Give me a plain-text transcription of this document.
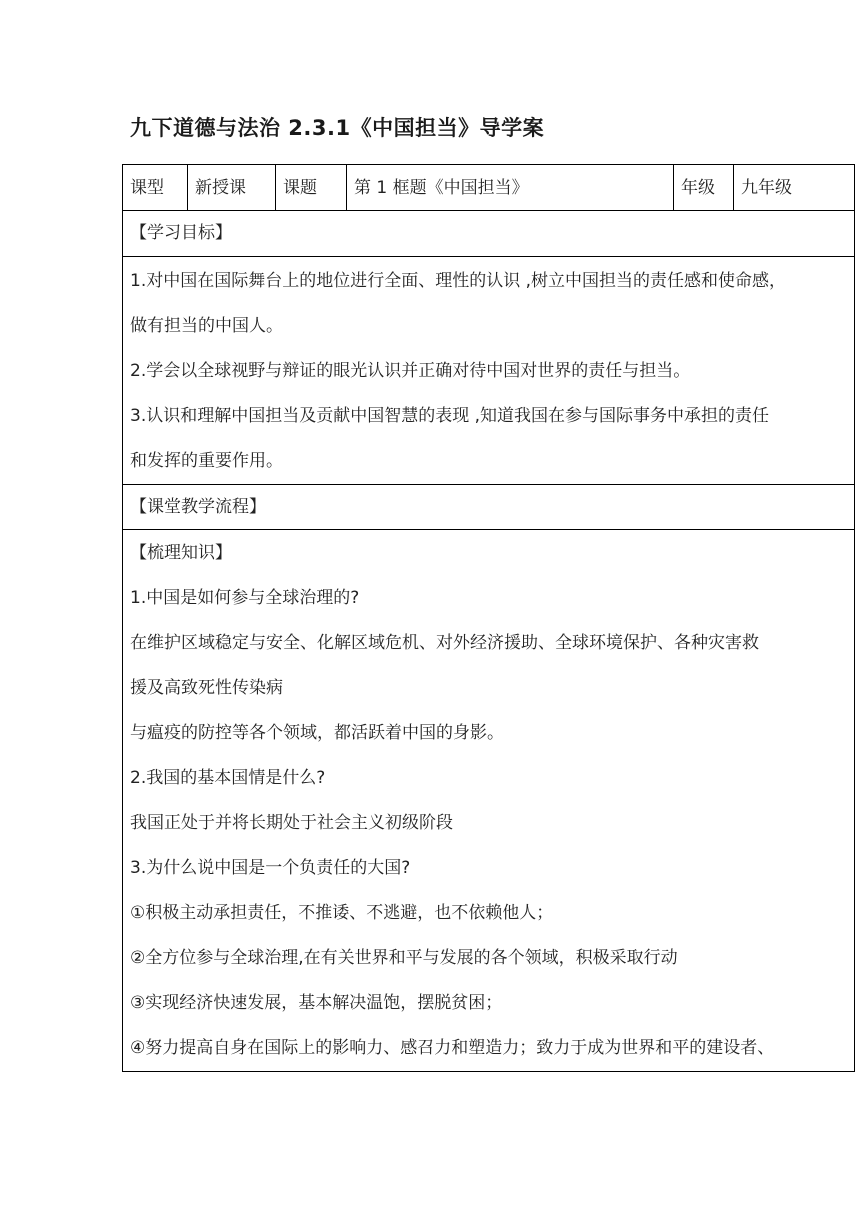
九下道德与法治 2.3.1《中国担当》导学案
课型	新授课	课题	第 1 框题《中国担当》	年级	九年级
【学习目标】
1.对中国在国际舞台上的地位进行全面、理性的认识 ,树立中国担当的责任感和使命感，
做有担当的中国人。
2.学会以全球视野与辩证的眼光认识并正确对待中国对世界的责任与担当。
3.认识和理解中国担当及贡献中国智慧的表现 ,知道我国在参与国际事务中承担的责任
和发挥的重要作用。
【课堂教学流程】
【梳理知识】
1.中国是如何参与全球治理的?
在维护区域稳定与安全、化解区域危机、对外经济援助、全球环境保护、各种灾害救
援及高致死性传染病
与瘟疫的防控等各个领域，都活跃着中国的身影。
2.我国的基本国情是什么?
我国正处于并将长期处于社会主义初级阶段
3.为什么说中国是一个负责任的大国?
①积极主动承担责任，不推诿、不逃避，也不依赖他人；
②全方位参与全球治理,在有关世界和平与发展的各个领域，积极采取行动
③实现经济快速发展，基本解决温饱，摆脱贫困；
④努力提高自身在国际上的影响力、感召力和塑造力；致力于成为世界和平的建设者、
